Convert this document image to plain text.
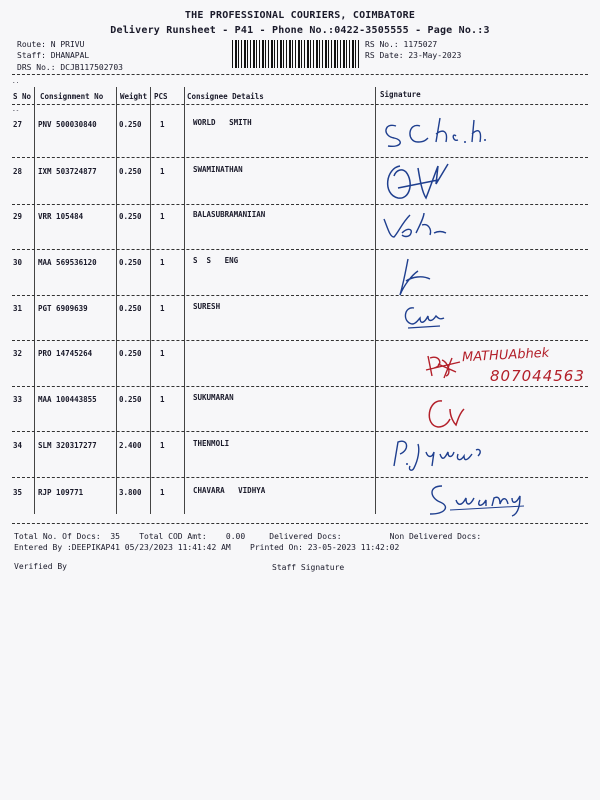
THE PROFESSIONAL COURIERS, COIMBATORE
Delivery Runsheet - P41 - Phone No.:0422-3505555 - Page No.:3
Route: N PRIVU
Staff: DHANAPAL
DRS No.: DCJB117502703
RS No.: 1175027
RS Date: 23-May-2023
..
--
S No Consignment No Weight PCS	Consignee Details	Signature
27 PNV 500030840	0.250 1	WORLD   SMITH
28 IXM 503724877	0.250 1	SWAMINATHAN
29 VRR 105484	0.250 1	BALASUBRAMANIIAN
30 MAA 569536120	0.250 1	S  S   ENG
31 PGT 6909639	0.250 1	SURESH
32 PRO 14745264	0.250 1
33 MAA 100443855	0.250 1	SUKUMARAN
34 SLM 320317277	2.400 1	THENMOLI
35 RJP 109771	3.800 1	CHAVARA   VIDHYA
MATHUAbhek
807044563
Total No. Of Docs:  35    Total COD Amt:    0.00     Delivered Docs:          Non Delivered Docs:
Entered By :DEEPIKAP41 05/23/2023 11:41:42 AM    Printed On: 23-05-2023 11:42:02
Verified By	Staff Signature
